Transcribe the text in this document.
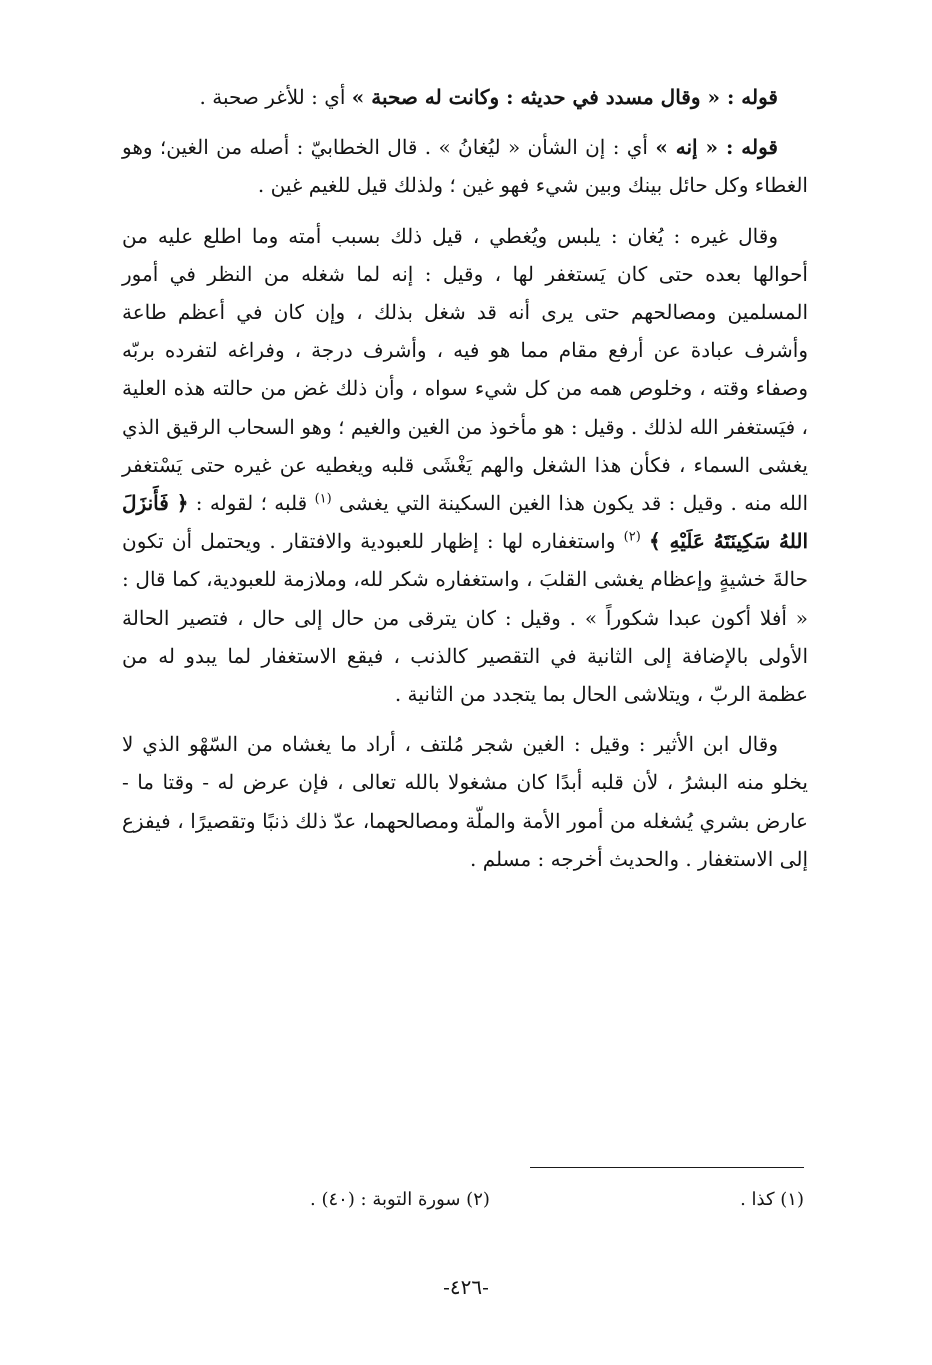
قوله : « وقال مسدد في حديثه : وكانت له صحبة » أي : للأغر صحبة .

قوله : « إنه » أي : إن الشأن « ليُغانُ » . قال الخطابيّ : أصله من الغين؛ وهو الغطاء وكل حائل بينك وبين شيء فهو غين ؛ ولذلك قيل للغيم غين .

وقال غيره : يُغان : يلبس ويُغطي ، قيل ذلك بسبب أمته وما اطلع عليه من أحوالها بعده حتى كان يَستغفر لها ، وقيل : إنه لما شغله من النظر في أمور المسلمين ومصالحهم حتى يرى أنه قد شغل بذلك ، وإن كان في أعظم طاعة وأشرف عبادة عن أرفع مقام مما هو فيه ، وأشرف درجة ، وفراغه لتفرده بربّه وصفاء وقته ، وخلوص همه من كل شيء سواه ، وأن ذلك غض من حالته هذه العلية ، فيَستغفر الله لذلك . وقيل : هو مأخوذ من الغين والغيم ؛ وهو السحاب الرقيق الذي يغشى السماء ، فكأن هذا الشغل والهم يَغْشَى قلبه ويغطيه عن غيره حتى يَسْتغفر الله منه . وقيل : قد يكون هذا الغين السكينة التي يغشى $^{(١)}$ قلبه ؛ لقوله : ﴿ فَأَنزَلَ اللهُ سَكِينَتَهُ عَلَيْهِ ﴾ $^{(٢)}$ واستغفاره لها : إظهار للعبودية والافتقار . ويحتمل أن تكون حالةَ خشيةٍ وإعظام يغشى القلبَ ، واستغفاره شكر لله، وملازمة للعبودية، كما قال : « أفلا أكون عبدا شكوراً » . وقيل : كان يترقى من حال إلى حال ، فتصير الحالة الأولى بالإضافة إلى الثانية في التقصير كالذنب ، فيقع الاستغفار لما يبدو له من عظمة الربّ ، ويتلاشى الحال بما يتجدد من الثانية .

وقال ابن الأثير : وقيل : الغين شجر مُلتف ، أراد ما يغشاه من السّهْو الذي لا يخلو منه البشرُ ، لأن قلبه أبدًا كان مشغولا بالله تعالى ، فإن عرض له - وقتا ما - عارض بشري يُشغله من أمور الأمة والملّة ومصالحهما، عدّ ذلك ذنبًا وتقصيرًا ، فيفزع إلى الاستغفار . والحديث أخرجه : مسلم .

(١) كذا .
(٢) سورة التوبة : (٤٠) .
-٤٢٦-
